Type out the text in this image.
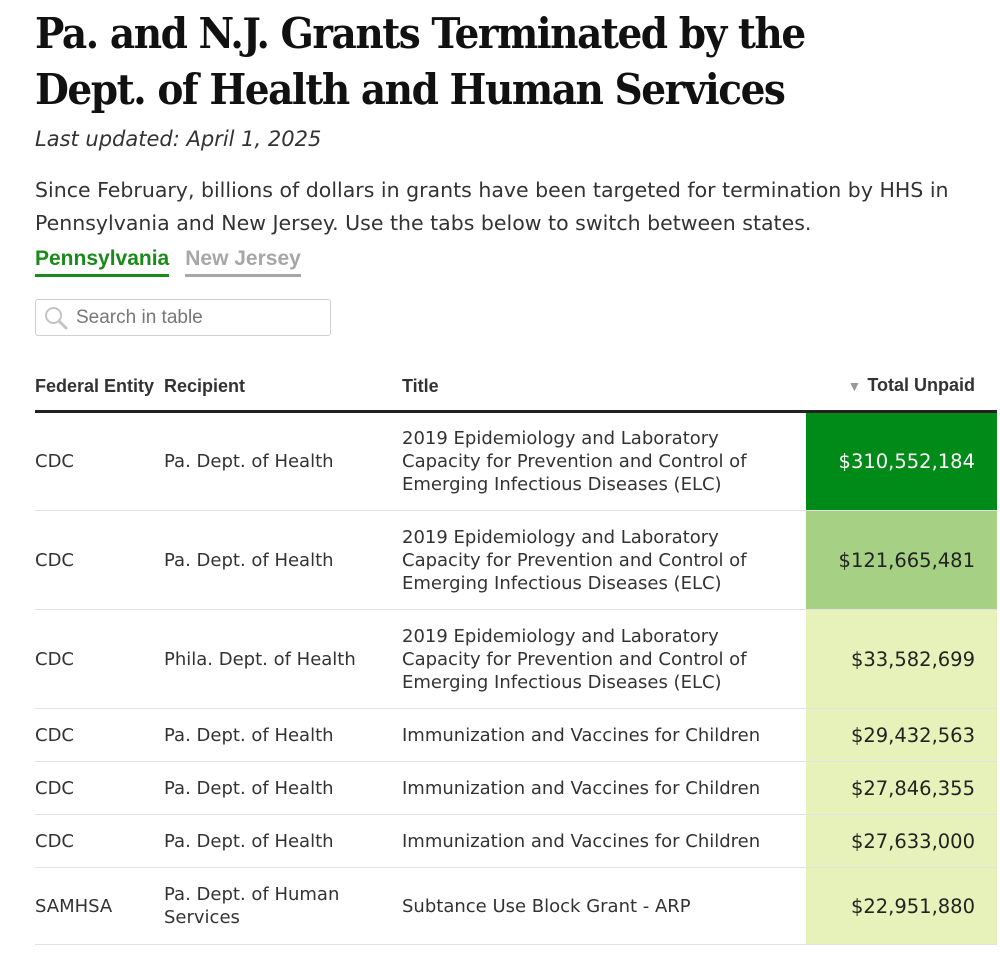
Pa. and N.J. Grants Terminated by the Dept. of Health and Human Services
Last updated: April 1, 2025

Since February, billions of dollars in grants have been targeted for termination by HHS in Pennsylvania and New Jersey. Use the tabs below to switch between states.

Pennsylvania New Jersey
Search in table
Federal Entity	Recipient	Title	▼ Total Unpaid
CDC	Pa. Dept. of Health	2019 Epidemiology and Laboratory Capacity for Prevention and Control of Emerging Infectious Diseases (ELC)	$310,552,184
CDC	Pa. Dept. of Health	2019 Epidemiology and Laboratory Capacity for Prevention and Control of Emerging Infectious Diseases (ELC)	$121,665,481
CDC	Phila. Dept. of Health	2019 Epidemiology and Laboratory Capacity for Prevention and Control of Emerging Infectious Diseases (ELC)	$33,582,699
CDC	Pa. Dept. of Health	Immunization and Vaccines for Children	$29,432,563
CDC	Pa. Dept. of Health	Immunization and Vaccines for Children	$27,846,355
CDC	Pa. Dept. of Health	Immunization and Vaccines for Children	$27,633,000
SAMHSA	Pa. Dept. of Human Services	Subtance Use Block Grant - ARP	$22,951,880
